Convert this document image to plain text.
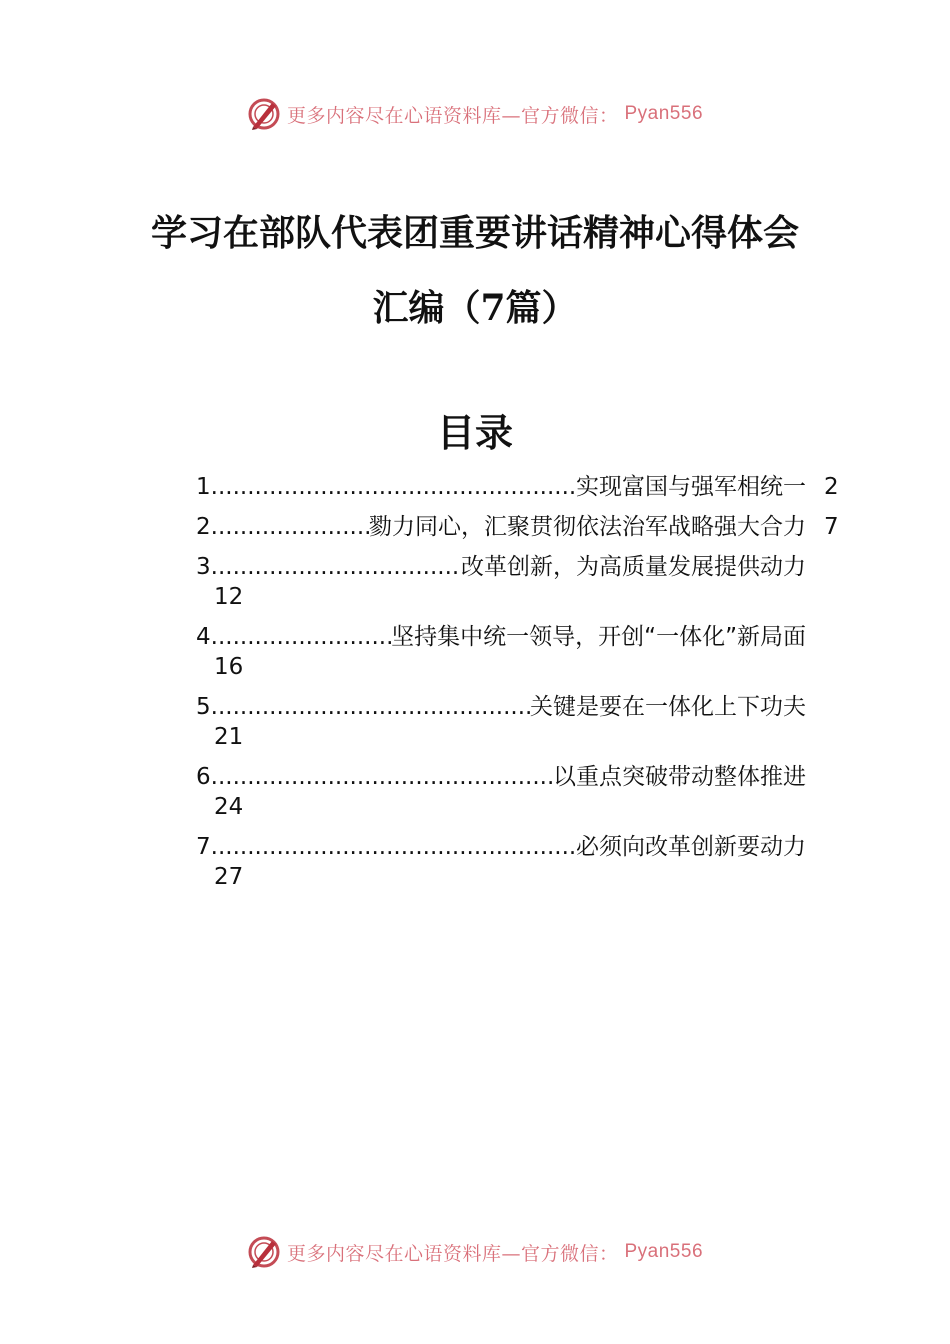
更多内容尽在心语资料库—官方微信： Pyan556
学习在部队代表团重要讲话精神心得体会
汇编（7篇）
目录
1 .....	实现富国与强军相统一 2
2 .....	勠力同心，汇聚贯彻依法治军战略强大合力 7
3 .....	改革创新，为高质量发展提供动力
12
4 .....	坚持集中统一领导，开创“一体化”新局面
16
5 .....	关键是要在一体化上下功夫
21
6 .....	以重点突破带动整体推进
24
7 .....	必须向改革创新要动力
27
更多内容尽在心语资料库—官方微信： Pyan556
